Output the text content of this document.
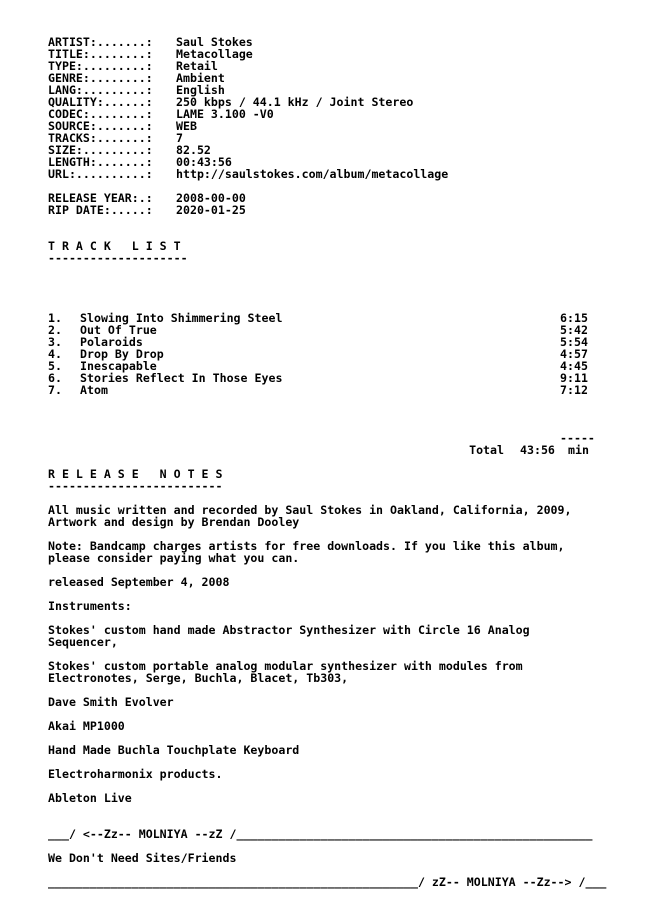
ARTIST:.......:	Saul Stokes
TITLE:........:	Metacollage
TYPE:.........:	Retail
GENRE:........:	Ambient
LANG:.........:	English
QUALITY:......:	250 kbps / 44.1 kHz / Joint Stereo
CODEC:........:	LAME 3.100 -V0
SOURCE:.......:	WEB
TRACKS:.......:	7
SIZE:.........:	82.52
LENGTH:.......:	00:43:56
URL:..........:	http://saulstokes.com/album/metacollage
RELEASE YEAR:.:	2008-00-00
RIP DATE:.....:	2020-01-25
T R A C K   L I S T
--------------------
1.	Slowing Into Shimmering Steel	6:15
2.	Out Of True	5:42
3.	Polaroids	5:54
4.	Drop By Drop	4:57
5.	Inescapable	4:45
6.	Stories Reflect In Those Eyes	9:11
7.	Atom	7:12
-----
Total 43:56	min
R E L E A S E   N O T E S
-------------------------
All music written and recorded by Saul Stokes in Oakland, California, 2009,
Artwork and design by Brendan Dooley
Note: Bandcamp charges artists for free downloads. If you like this album,
please consider paying what you can.
released September 4, 2008
Instruments:
Stokes' custom hand made Abstractor Synthesizer with Circle 16 Analog
Sequencer,
Stokes' custom portable analog modular synthesizer with modules from
Electronotes, Serge, Buchla, Blacet, Tb303,
Dave Smith Evolver
Akai MP1000
Hand Made Buchla Touchplate Keyboard
Electroharmonix products.
Ableton Live
___/ <--Zz-- MOLNIYA --zZ /___________________________________________________
We Don't Need Sites/Friends
_____________________________________________________/ zZ-- MOLNIYA --Zz--> /___
